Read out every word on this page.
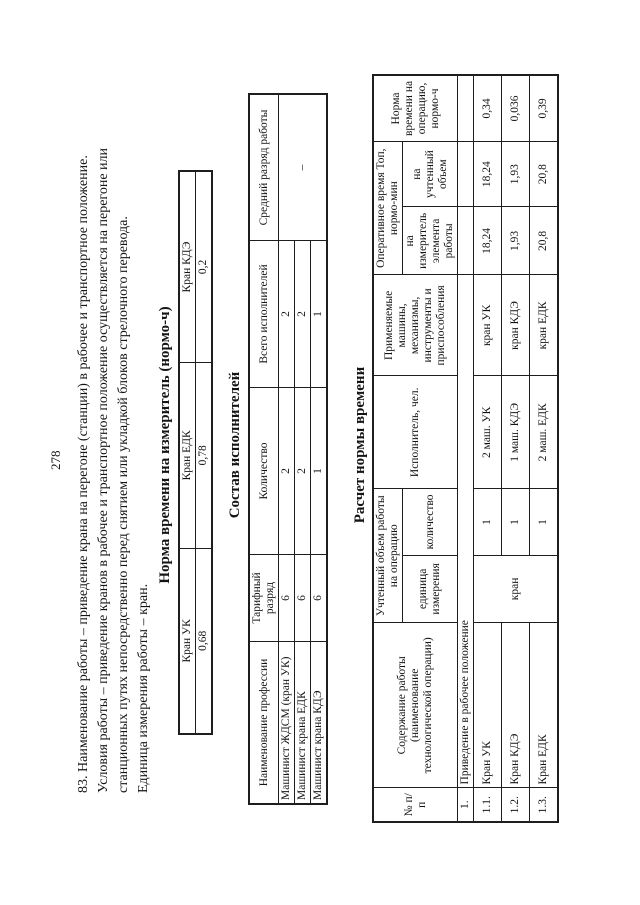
278 83. Наименование работы – приведение крана на перегоне (станции) в рабочее и транспортное положение. Условия работы – приведение кранов в рабочее и транспортное положение осуществляется на перегоне или станционных путях непосредственно перед снятием или укладкой блоков стрелочного перевода. Единица измерения работы – кран.
Норма времени на измеритель (нормо-ч)
Кран УК	Кран ЕДК	Кран КДЭ
0,68	0,78	0,2
Состав исполнителей
Наименование профессии	Тарифный разряд	Количество	Всего исполнителей	Средний разряд работы
Машинист ЖДСМ (кран УК)	6	2	2	–
Машинист крана ЕДК	6	2	2	
Машинист крана КДЭ	6	1	1	
Расчет нормы времени
№ п/п	Содержание работы (наименование технологической операции)	Учтенный объем работы на операцию		Исполнитель, чел.	Применяемые машины, механизмы, инструменты и приспособления	Оперативное время Топ, нормо-мин		Норма времени на операцию, нормо-ч
		единица измерения	количество			на измеритель элемента работы	на учтенный объем	
1.	Приведение в рабочее положение							
1.1.	Кран УК	кран	1	2 маш. УК	кран УК	18,24	18,24	0,34
1.2.	Кран КДЭ		1	1 маш. КДЭ	кран КДЭ	1,93	1,93	0,036
1.3.	Кран ЕДК		1	2 маш. ЕДК	кран ЕДК	20,8	20,8	0,39
